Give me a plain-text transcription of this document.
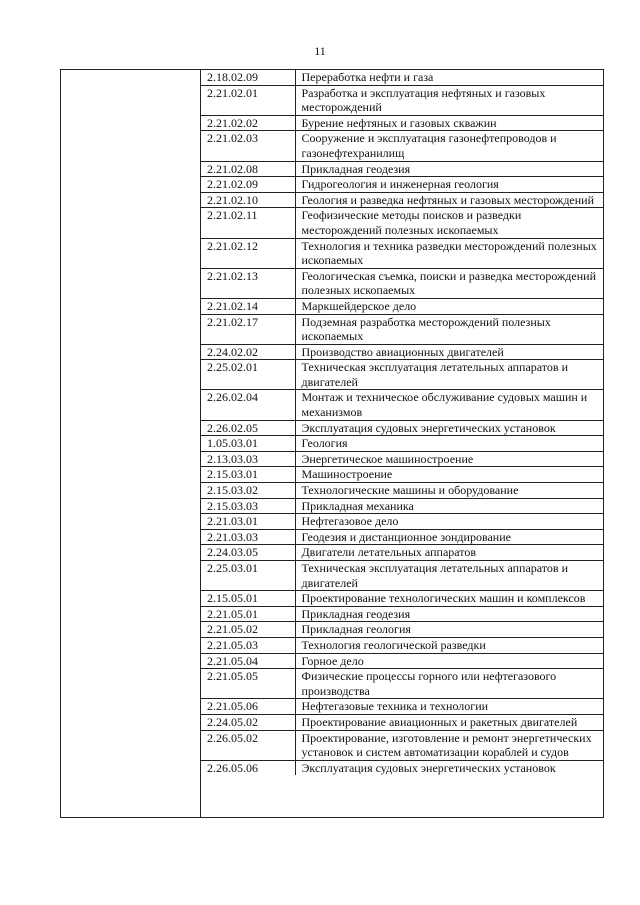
11
2.18.02.09	Переработка нефти и газа
2.21.02.01	Разработка и эксплуатация нефтяных и газовых месторождений
2.21.02.02	Бурение нефтяных и газовых скважин
2.21.02.03	Сооружение и эксплуатация газонефтепроводов и газонефтехранилищ
2.21.02.08	Прикладная геодезия
2.21.02.09	Гидрогеология и инженерная геология
2.21.02.10	Геология и разведка нефтяных и газовых месторождений
2.21.02.11	Геофизические методы поисков и разведки месторождений полезных ископаемых
2.21.02.12	Технология и техника разведки месторождений полезных ископаемых
2.21.02.13	Геологическая съемка, поиски и разведка месторождений полезных ископаемых
2.21.02.14	Маркшейдерское дело
2.21.02.17	Подземная разработка месторождений полезных ископаемых
2.24.02.02	Производство авиационных двигателей
2.25.02.01	Техническая эксплуатация летательных аппаратов и двигателей
2.26.02.04	Монтаж и техническое обслуживание судовых машин и механизмов
2.26.02.05	Эксплуатация судовых энергетических установок
1.05.03.01	Геология
2.13.03.03	Энергетическое машиностроение
2.15.03.01	Машиностроение
2.15.03.02	Технологические машины и оборудование
2.15.03.03	Прикладная механика
2.21.03.01	Нефтегазовое дело
2.21.03.03	Геодезия и дистанционное зондирование
2.24.03.05	Двигатели летательных аппаратов
2.25.03.01	Техническая эксплуатация летательных аппаратов и двигателей
2.15.05.01	Проектирование технологических машин и комплексов
2.21.05.01	Прикладная геодезия
2.21.05.02	Прикладная геология
2.21.05.03	Технология геологической разведки
2.21.05.04	Горное дело
2.21.05.05	Физические процессы горного или нефтегазового производства
2.21.05.06	Нефтегазовые техника и технологии
2.24.05.02	Проектирование авиационных и ракетных двигателей
2.26.05.02	Проектирование, изготовление и ремонт энергетических установок и систем автоматизации кораблей и судов
2.26.05.06	Эксплуатация судовых энергетических установок
